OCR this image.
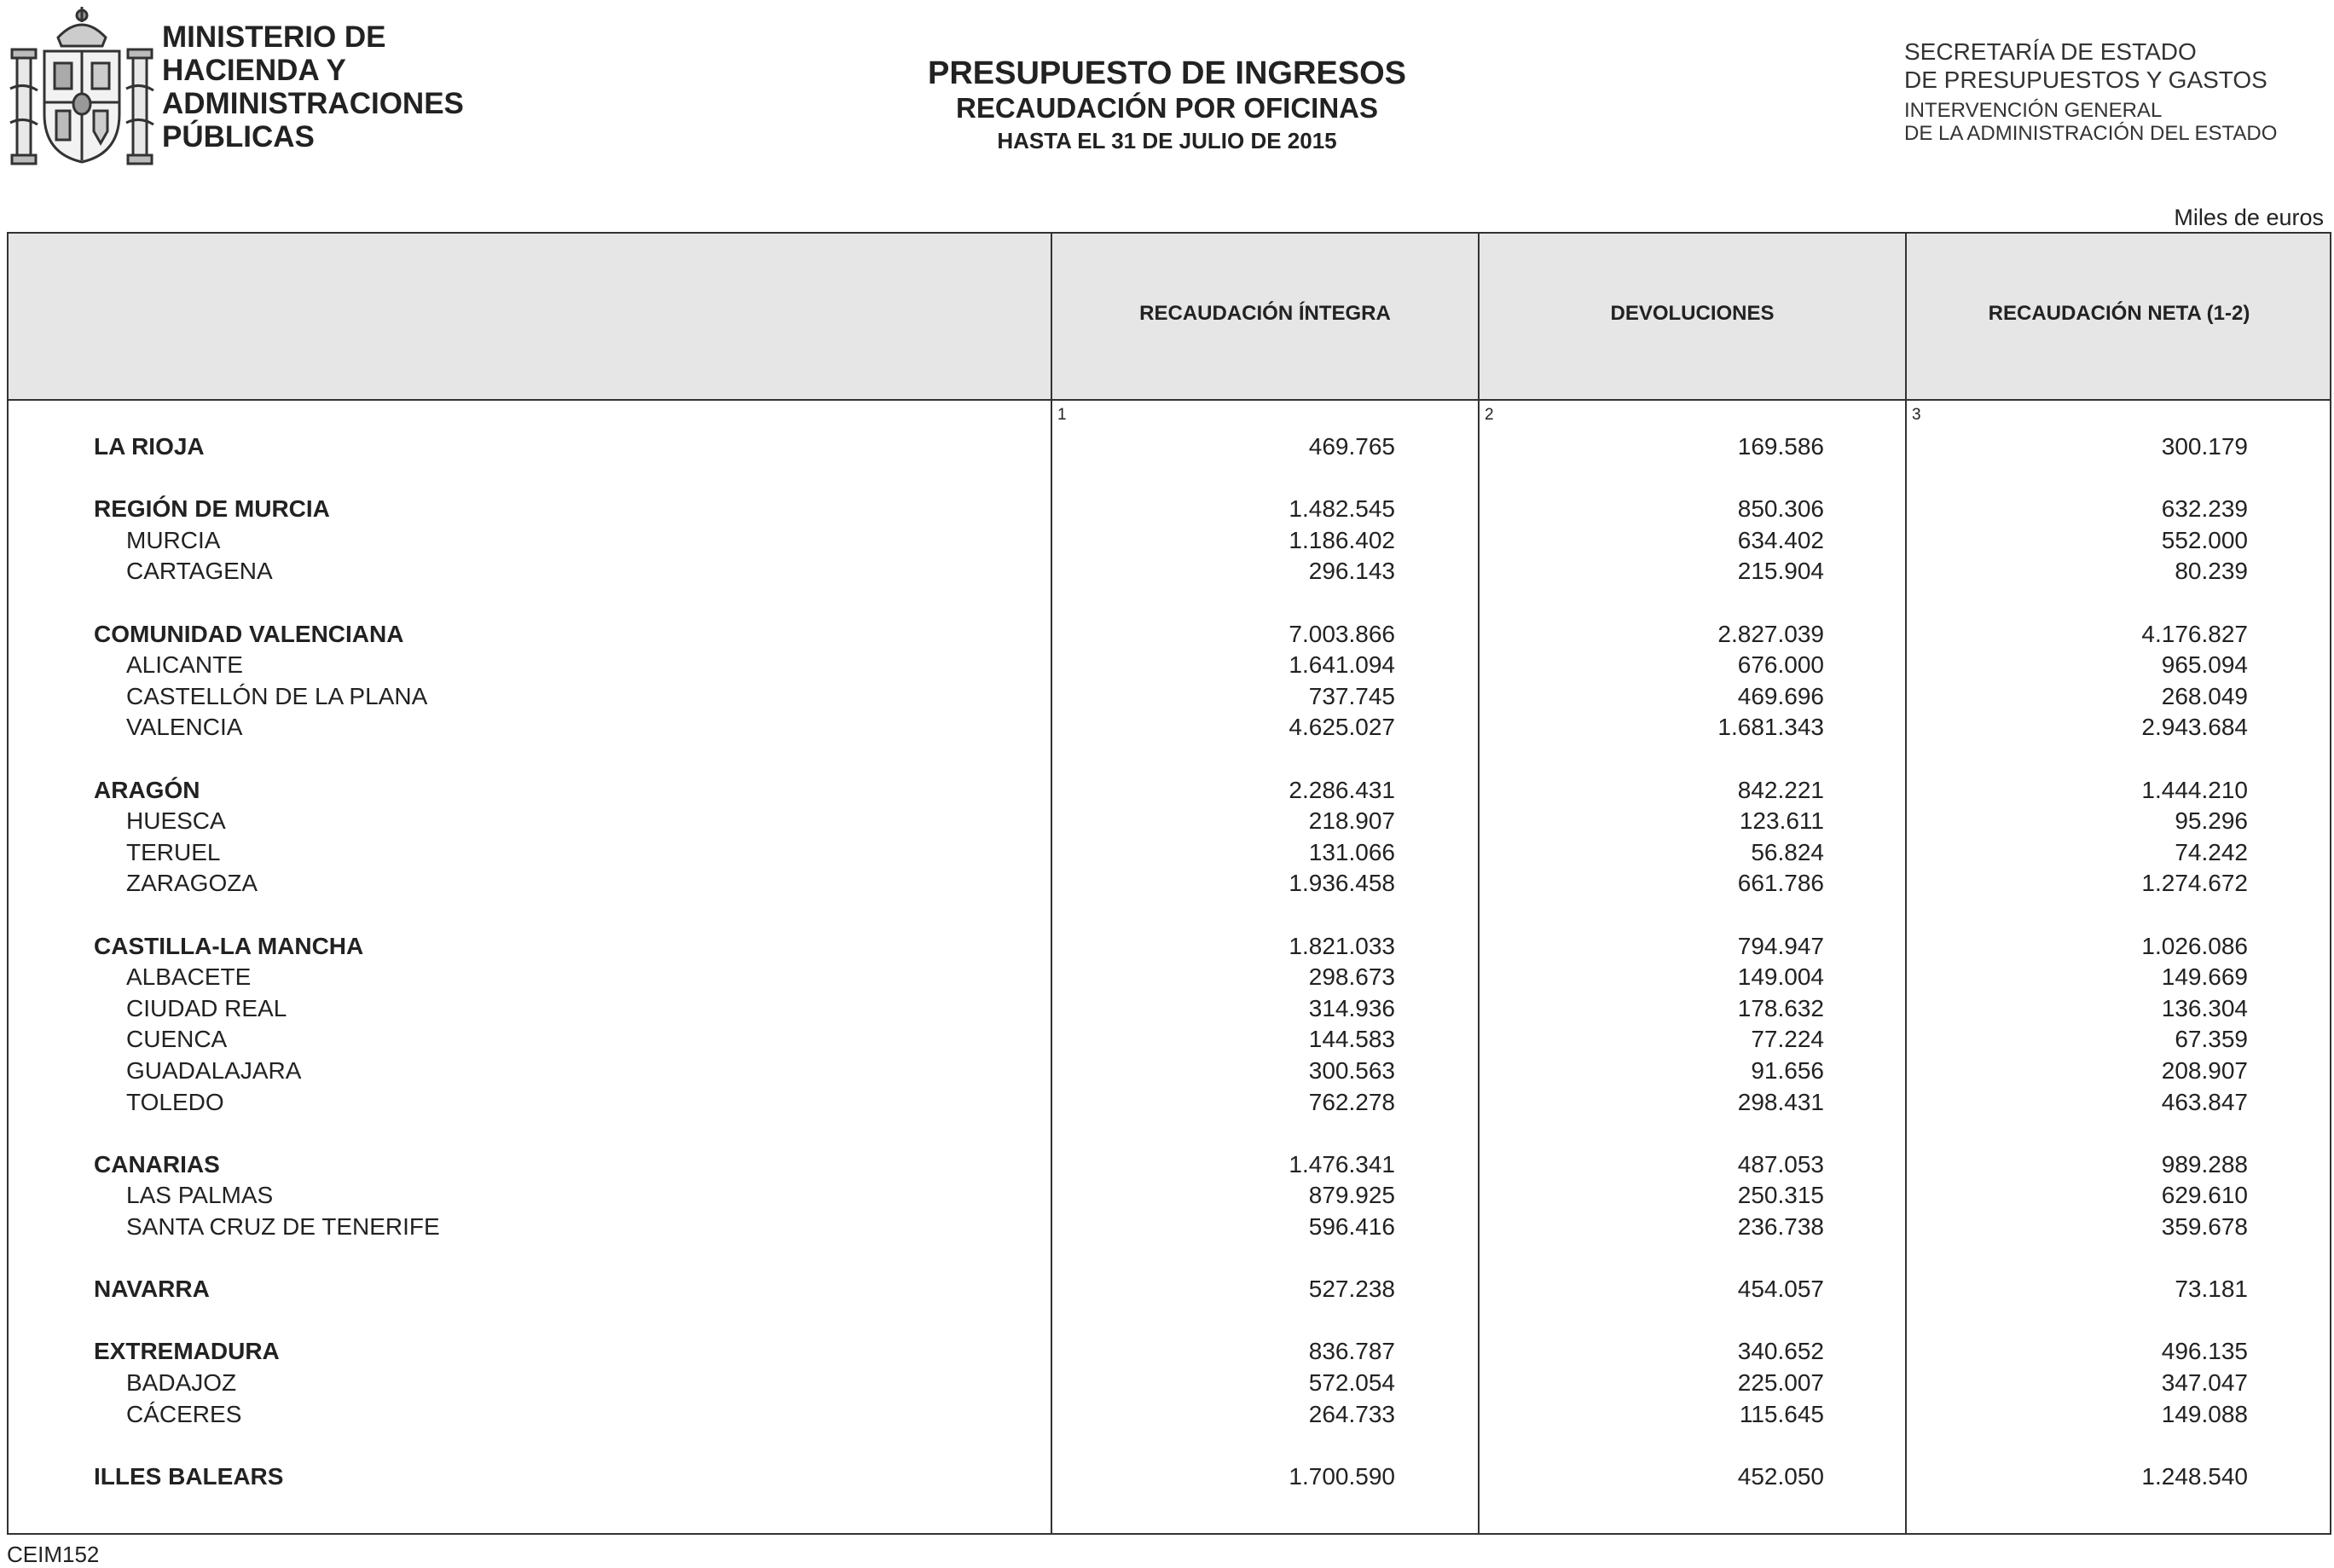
MINISTERIO DE
HACIENDA Y
ADMINISTRACIONES
PÚBLICAS
PRESUPUESTO DE INGRESOS
RECAUDACIÓN POR OFICINAS
HASTA EL 31 DE JULIO DE 2015
SECRETARÍA DE ESTADO
DE PRESUPUESTOS Y GASTOS
INTERVENCIÓN GENERAL
DE LA ADMINISTRACIÓN DEL ESTADO
Miles de euros
RECAUDACIÓN ÍNTEGRA	DEVOLUCIONES	RECAUDACIÓN NETA (1-2)
1	2	3
LA RIOJA	469.765	169.586	300.179
REGIÓN DE MURCIA	1.482.545	850.306	632.239
MURCIA	1.186.402	634.402	552.000
CARTAGENA	296.143	215.904	80.239
COMUNIDAD VALENCIANA	7.003.866	2.827.039	4.176.827
ALICANTE	1.641.094	676.000	965.094
CASTELLÓN DE LA PLANA	737.745	469.696	268.049
VALENCIA	4.625.027	1.681.343	2.943.684
ARAGÓN	2.286.431	842.221	1.444.210
HUESCA	218.907	123.611	95.296
TERUEL	131.066	56.824	74.242
ZARAGOZA	1.936.458	661.786	1.274.672
CASTILLA-LA MANCHA	1.821.033	794.947	1.026.086
ALBACETE	298.673	149.004	149.669
CIUDAD REAL	314.936	178.632	136.304
CUENCA	144.583	77.224	67.359
GUADALAJARA	300.563	91.656	208.907
TOLEDO	762.278	298.431	463.847
CANARIAS	1.476.341	487.053	989.288
LAS PALMAS	879.925	250.315	629.610
SANTA CRUZ DE TENERIFE	596.416	236.738	359.678
NAVARRA	527.238	454.057	73.181
EXTREMADURA	836.787	340.652	496.135
BADAJOZ	572.054	225.007	347.047
CÁCERES	264.733	115.645	149.088
ILLES BALEARS	1.700.590	452.050	1.248.540
CEIM152
